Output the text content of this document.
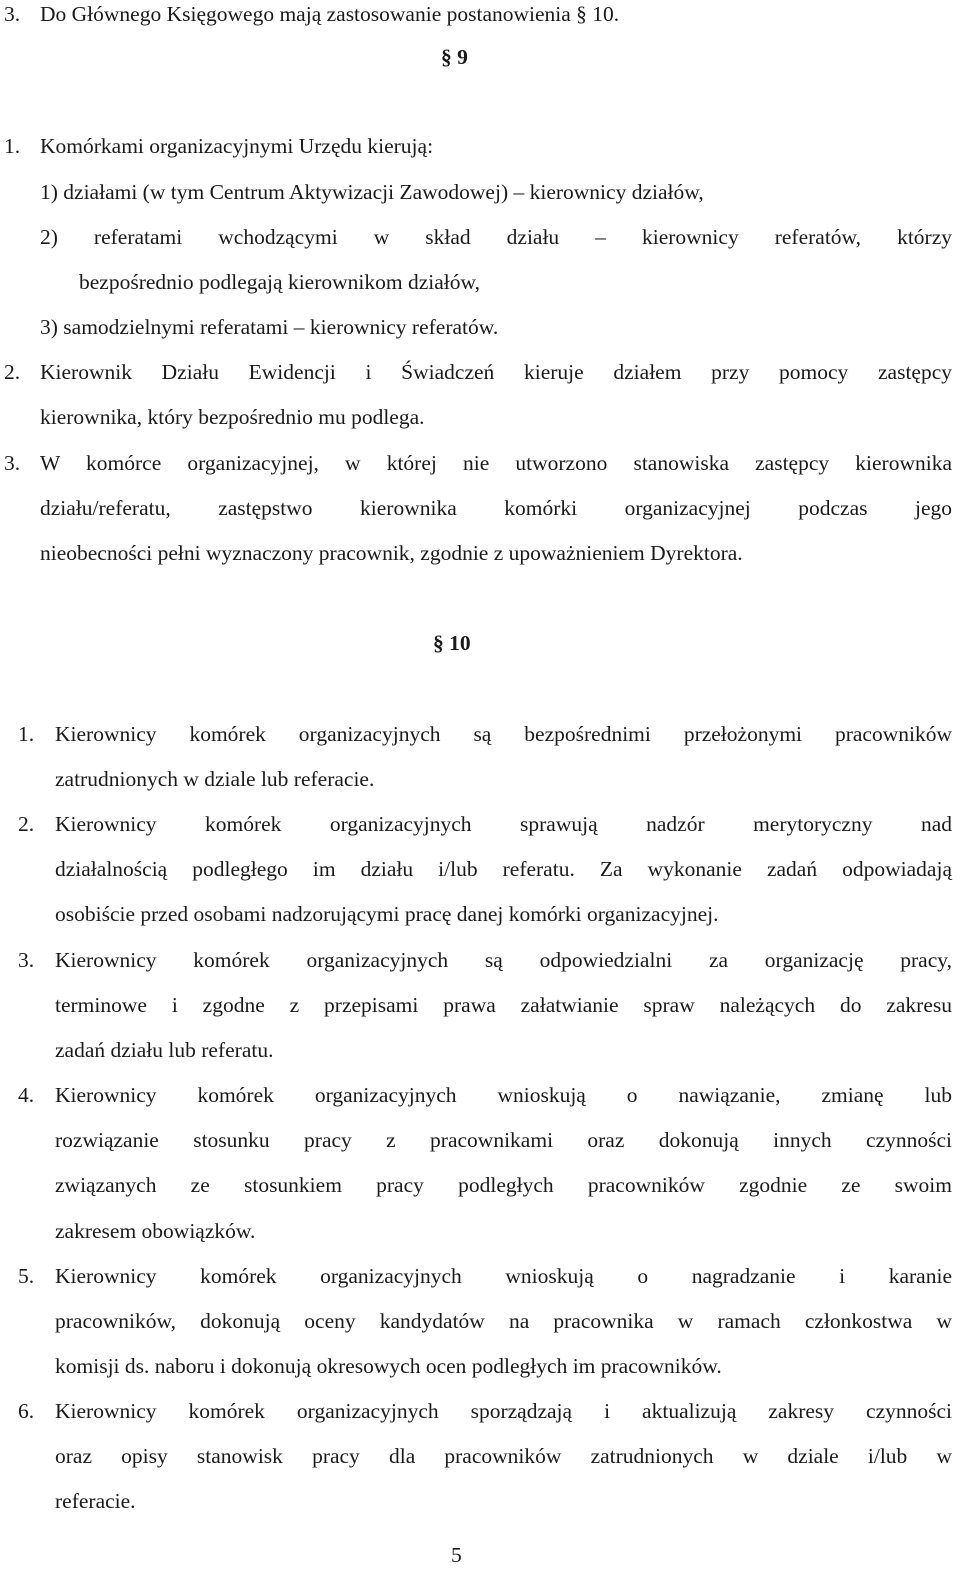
3. Do Głównego Księgowego mają zastosowanie postanowienia § 10.
§ 9
1. Komórkami organizacyjnymi Urzędu kierują:
1) działami (w tym Centrum Aktywizacji Zawodowej) – kierownicy działów,
2) referatami wchodzącymi w skład działu – kierownicy referatów, którzy
bezpośrednio podlegają kierownikom działów,
3) samodzielnymi referatami – kierownicy referatów.
2. Kierownik Działu Ewidencji i Świadczeń kieruje działem przy pomocy zastępcy
kierownika, który bezpośrednio mu podlega.
3. W komórce organizacyjnej, w której nie utworzono stanowiska zastępcy kierownika
działu/referatu, zastępstwo kierownika komórki organizacyjnej podczas jego
nieobecności pełni wyznaczony pracownik, zgodnie z upoważnieniem Dyrektora.
§ 10
1. Kierownicy komórek organizacyjnych są bezpośrednimi przełożonymi pracowników
zatrudnionych w dziale lub referacie.
2. Kierownicy komórek organizacyjnych sprawują nadzór merytoryczny nad
działalnością podległego im działu i/lub referatu. Za wykonanie zadań odpowiadają
osobiście przed osobami nadzorującymi pracę danej komórki organizacyjnej.
3. Kierownicy komórek organizacyjnych są odpowiedzialni za organizację pracy,
terminowe i zgodne z przepisami prawa załatwianie spraw należących do zakresu
zadań działu lub referatu.
4. Kierownicy komórek organizacyjnych wnioskują o nawiązanie, zmianę lub
rozwiązanie stosunku pracy z pracownikami oraz dokonują innych czynności
związanych ze stosunkiem pracy podległych pracowników zgodnie ze swoim
zakresem obowiązków.
5. Kierownicy komórek organizacyjnych wnioskują o nagradzanie i karanie
pracowników, dokonują oceny kandydatów na pracownika w ramach członkostwa w
komisji ds. naboru i dokonują okresowych ocen podległych im pracowników.
6. Kierownicy komórek organizacyjnych sporządzają i aktualizują zakresy czynności
oraz opisy stanowisk pracy dla pracowników zatrudnionych w dziale i/lub w
referacie.
5
